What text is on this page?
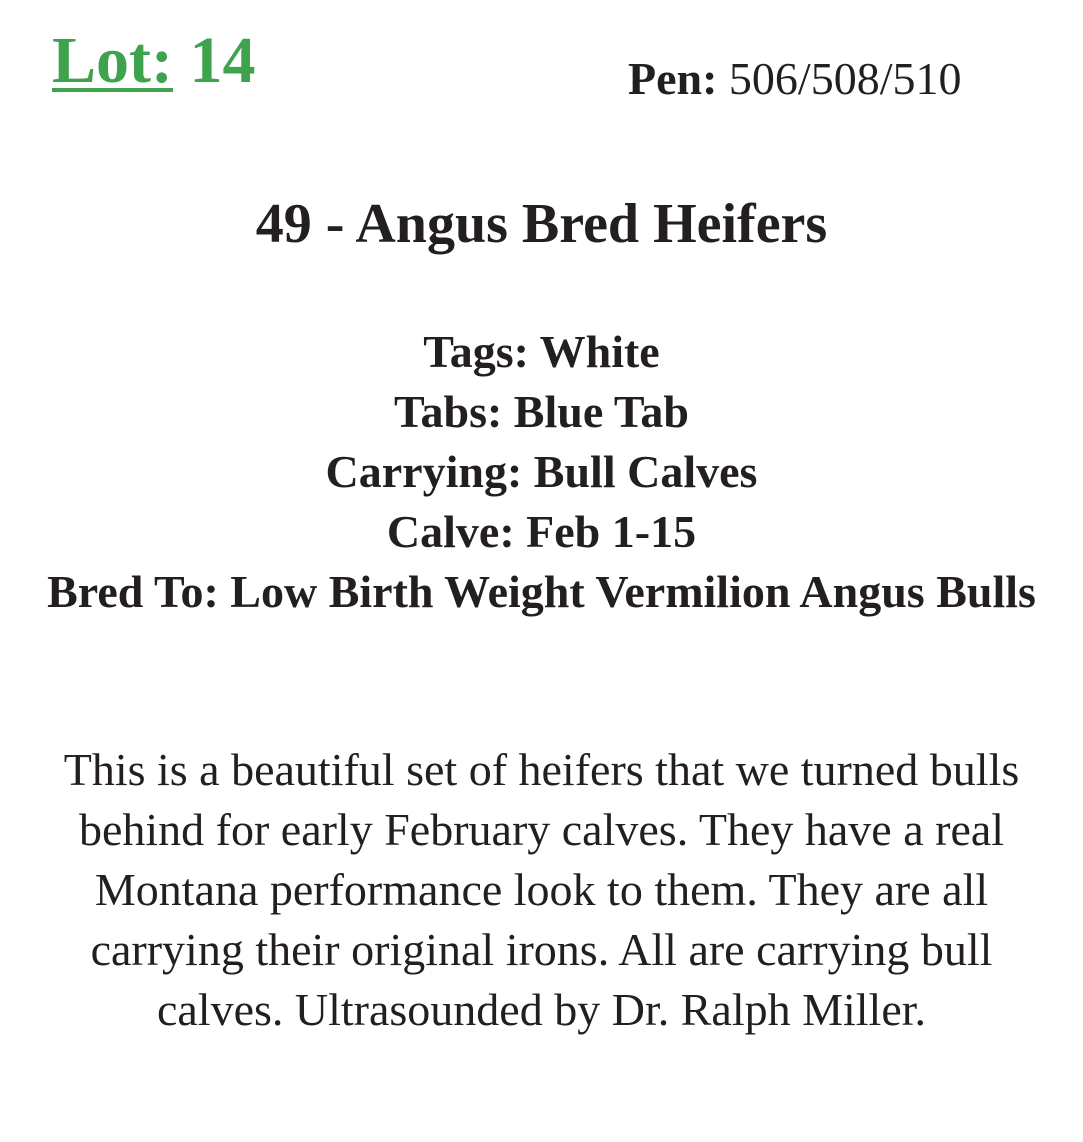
Lot: 14	Pen: 506/508/510
49 - Angus Bred Heifers
Tags: White
Tabs: Blue Tab
Carrying: Bull Calves
Calve: Feb 1-15
Bred To: Low Birth Weight Vermilion Angus Bulls
This is a beautiful set of heifers that we turned bulls behind for early February calves. They have a real Montana performance look to them. They are all carrying their original irons. All are carrying bull calves. Ultrasounded by Dr. Ralph Miller.
